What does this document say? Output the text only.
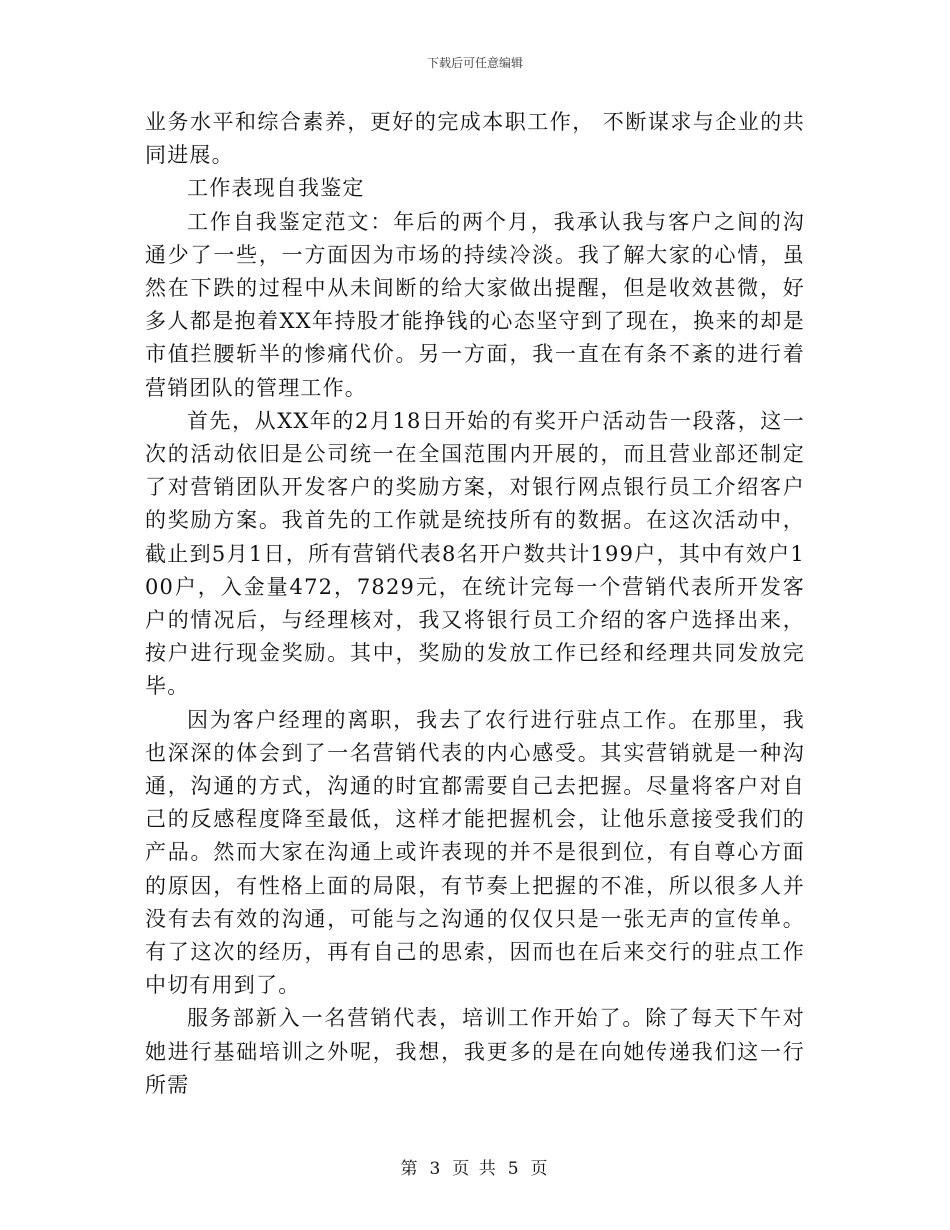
下载后可任意编辑

业务水平和综合素养，更好的完成本职工作， 不断谋求与企业的共同进展。

工作表现自我鉴定

工作自我鉴定范文：年后的两个月，我承认我与客户之间的沟通少了一些，一方面因为市场的持续冷淡。我了解大家的心情，虽然在下跌的过程中从未间断的给大家做出提醒，但是收效甚微，好多人都是抱着XX年持股才能挣钱的心态坚守到了现在，换来的却是市值拦腰斩半的惨痛代价。另一方面，我一直在有条不紊的进行着营销团队的管理工作。

首先，从XX年的2月18日开始的有奖开户活动告一段落，这一次的活动依旧是公司统一在全国范围内开展的，而且营业部还制定了对营销团队开发客户的奖励方案，对银行网点银行员工介绍客户的奖励方案。我首先的工作就是统技所有的数据。在这次活动中，截止到5月1日，所有营销代表8名开户数共计199户，其中有效户100户，入金量472，7829元，在统计完每一个营销代表所开发客户的情况后，与经理核对，我又将银行员工介绍的客户选择出来，按户进行现金奖励。其中，奖励的发放工作已经和经理共同发放完毕。

因为客户经理的离职，我去了农行进行驻点工作。在那里，我也深深的体会到了一名营销代表的内心感受。其实营销就是一种沟通，沟通的方式，沟通的时宜都需要自己去把握。尽量将客户对自己的反感程度降至最低，这样才能把握机会，让他乐意接受我们的产品。然而大家在沟通上或许表现的并不是很到位，有自尊心方面的原因，有性格上面的局限，有节奏上把握的不准，所以很多人并没有去有效的沟通，可能与之沟通的仅仅只是一张无声的宣传单。有了这次的经历，再有自己的思索，因而也在后来交行的驻点工作中切有用到了。

服务部新入一名营销代表，培训工作开始了。除了每天下午对她进行基础培训之外呢，我想，我更多的是在向她传递我们这一行所需

第 3 页 共 5 页
